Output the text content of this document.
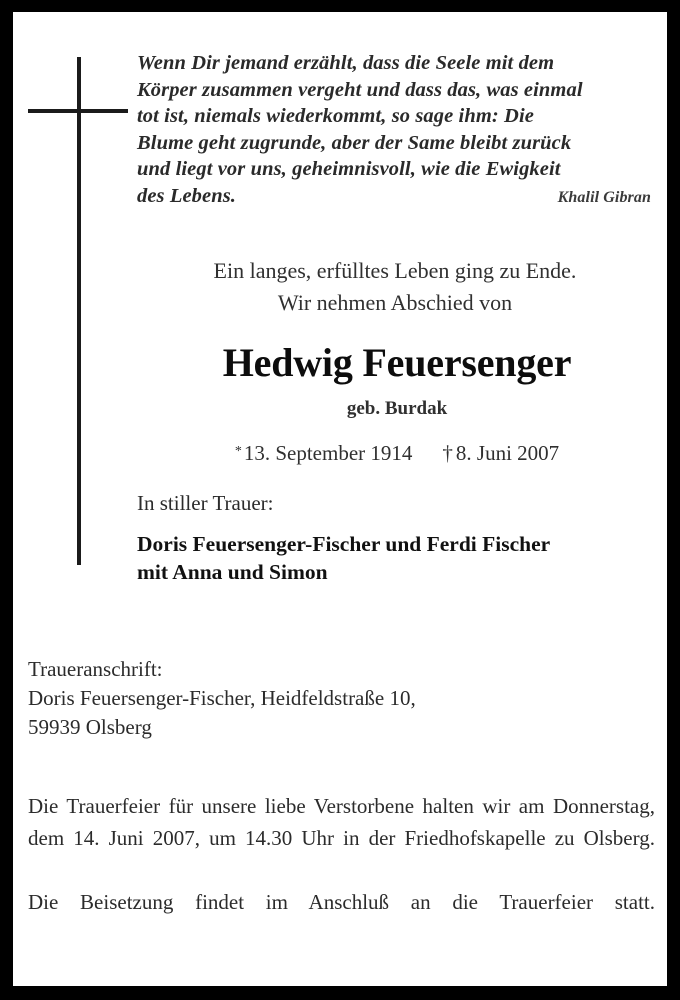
Wenn Dir jemand erzählt, dass die Seele mit dem
Körper zusammen vergeht und dass das, was einmal
tot ist, niemals wiederkommt, so sage ihm: Die
Blume geht zugrunde, aber der Same bleibt zurück
und liegt vor uns, geheimnisvoll, wie die Ewigkeit
des Lebens.	Khalil Gibran
Ein langes, erfülltes Leben ging zu Ende.
Wir nehmen Abschied von
Hedwig Feuersenger
geb. Burdak
*13. September 1914 † 8. Juni 2007
In stiller Trauer:
Doris Feuersenger-Fischer und Ferdi Fischer
mit Anna und Simon
Traueranschrift:
Doris Feuersenger-Fischer, Heidfeldstraße 10,
59939 Olsberg

Die Trauerfeier für unsere liebe Verstorbene halten wir am Donnerstag, dem 14. Juni 2007, um 14.30 Uhr in der Friedhofskapelle zu Olsberg.

Die Beisetzung findet im Anschluß an die Trauerfeier statt.
